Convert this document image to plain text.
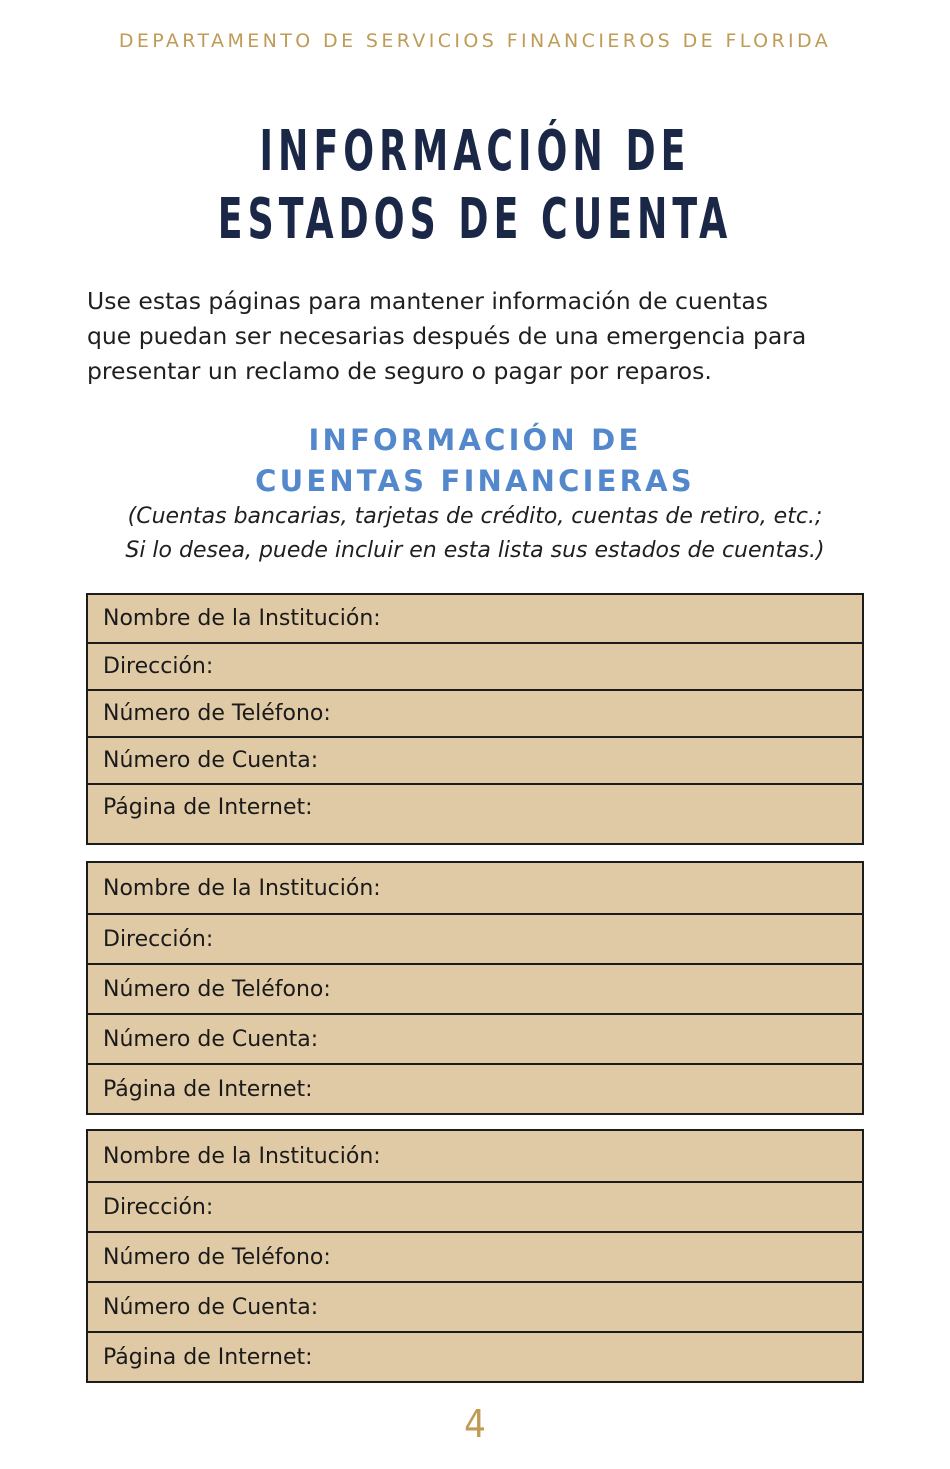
DEPARTAMENTO DE SERVICIOS FINANCIEROS DE FLORIDA
INFORMACIÓN DE
ESTADOS DE CUENTA
Use estas páginas para mantener información de cuentas
que puedan ser necesarias después de una emergencia para
presentar un reclamo de seguro o pagar por reparos.
INFORMACIÓN DE
CUENTAS FINANCIERAS
(Cuentas bancarias, tarjetas de crédito, cuentas de retiro, etc.;
Si lo desea, puede incluir en esta lista sus estados de cuentas.)
Nombre de la Institución:
Dirección:
Número de Teléfono:
Número de Cuenta:
Página de Internet:
Nombre de la Institución:
Dirección:
Número de Teléfono:
Número de Cuenta:
Página de Internet:
Nombre de la Institución:
Dirección:
Número de Teléfono:
Número de Cuenta:
Página de Internet:
4
